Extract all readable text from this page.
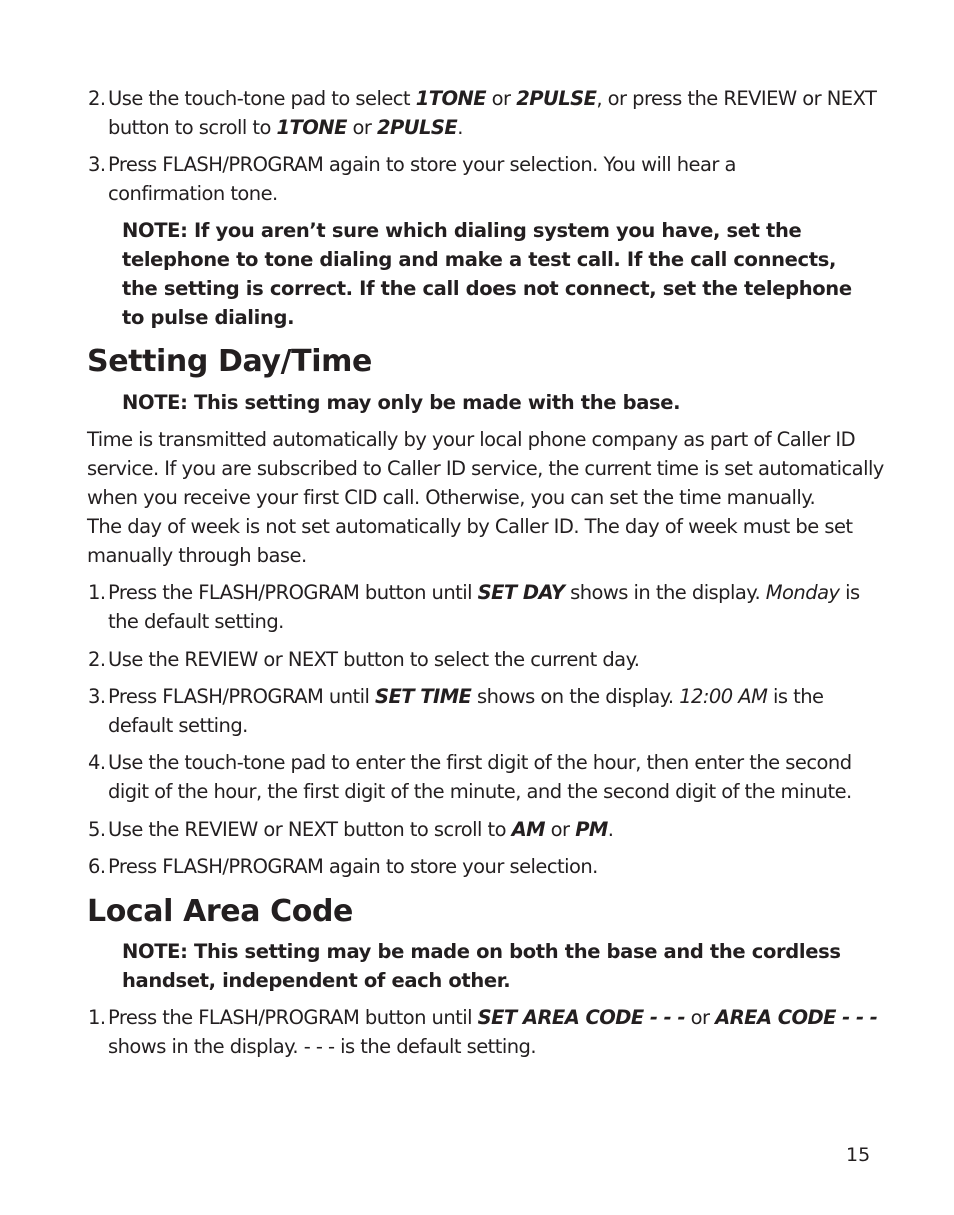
2. Use the touch-tone pad to select 1TONE or 2PULSE, or press the REVIEW or NEXT
button to scroll to 1TONE or 2PULSE.

3. Press FLASH/PROGRAM again to store your selection. You will hear a
confirmation tone.

NOTE: If you aren’t sure which dialing system you have, set the
telephone to tone dialing and make a test call. If the call connects,
the setting is correct. If the call does not connect, set the telephone
to pulse dialing.

Setting Day/Time

NOTE: This setting may only be made with the base.

Time is transmitted automatically by your local phone company as part of Caller ID
service. If you are subscribed to Caller ID service, the current time is set automatically
when you receive your first CID call. Otherwise, you can set the time manually.
The day of week is not set automatically by Caller ID. The day of week must be set
manually through base.

1. Press the FLASH/PROGRAM button until SET DAY shows in the display. Monday is
the default setting.

2. Use the REVIEW or NEXT button to select the current day.

3. Press FLASH/PROGRAM until SET TIME shows on the display. 12:00 AM is the
default setting.

4. Use the touch-tone pad to enter the first digit of the hour, then enter the second
digit of the hour, the first digit of the minute, and the second digit of the minute.

5. Use the REVIEW or NEXT button to scroll to AM or PM.

6. Press FLASH/PROGRAM again to store your selection.

Local Area Code

NOTE: This setting may be made on both the base and the cordless
handset, independent of each other.

1. Press the FLASH/PROGRAM button until SET AREA CODE - - - or AREA CODE - - -
shows in the display. - - - is the default setting.

15
